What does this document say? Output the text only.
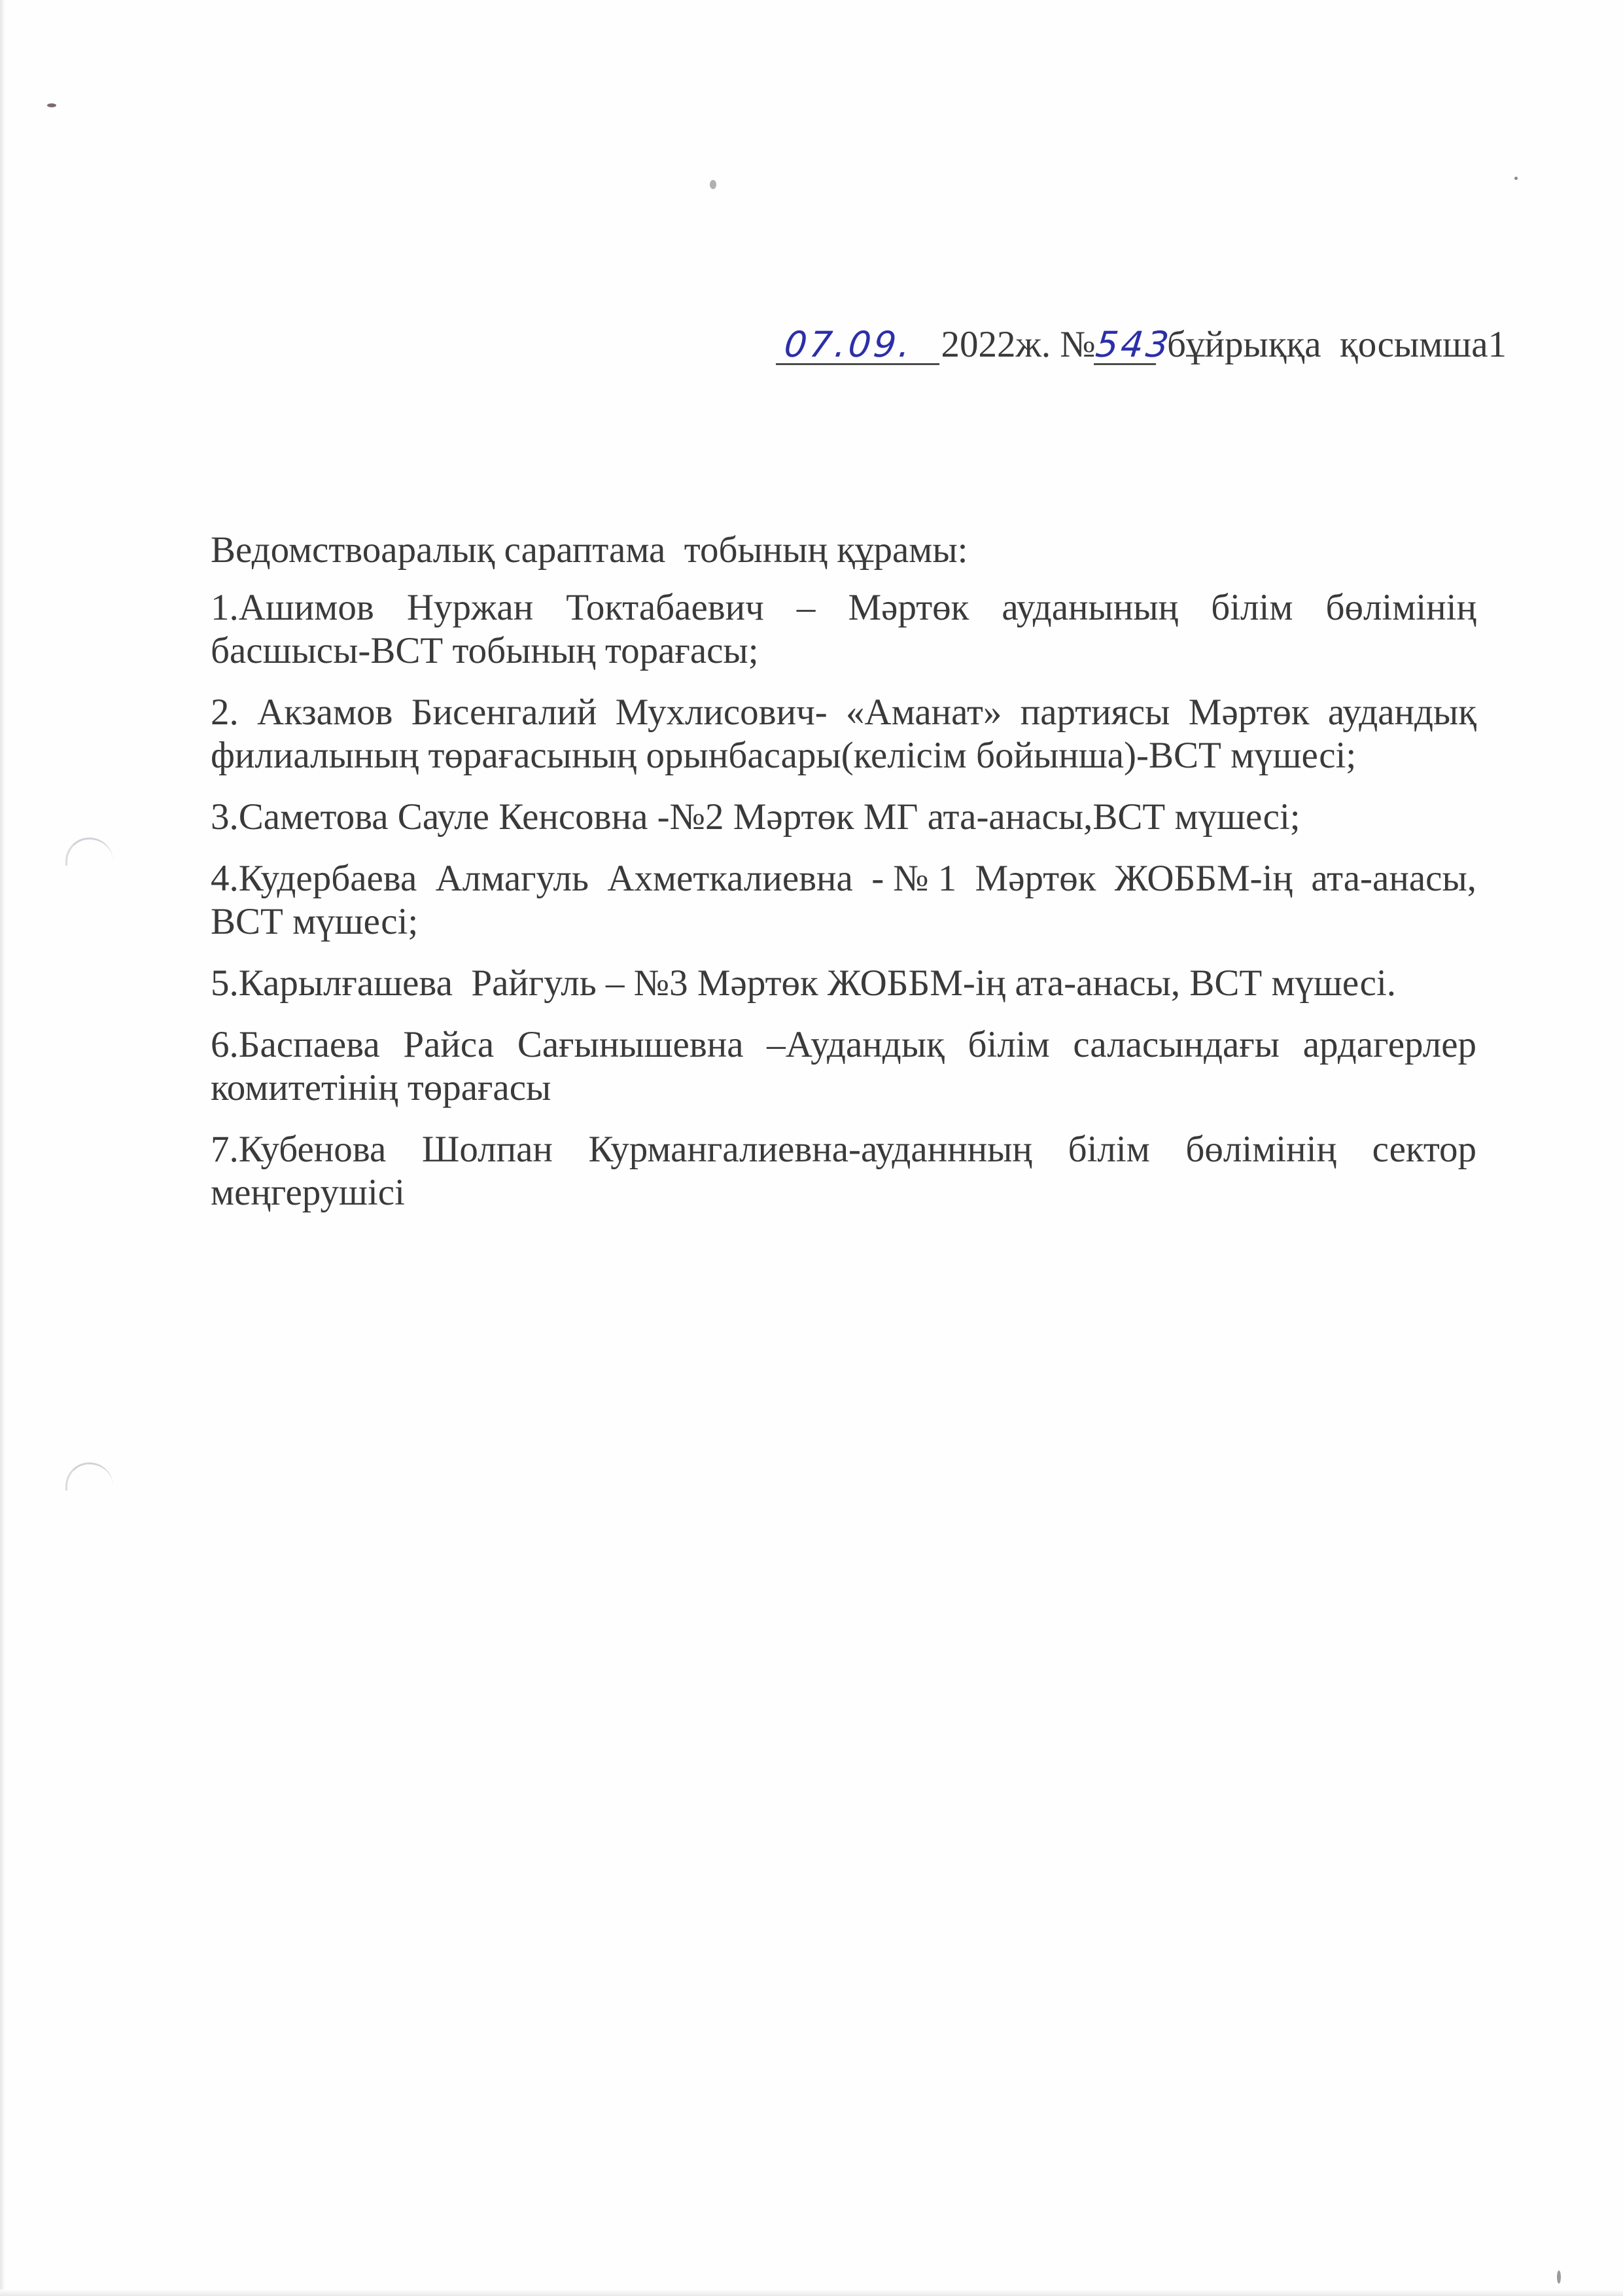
07.09. 2022ж. №543 бұйрыққа  қосымша1

Ведомствоаралық сараптама  тобының құрамы:

1.Ашимов Нуржан Токтабаевич – Мәртөк ауданының білім бөлімінің басшысы-ВСТ тобының торағасы;

2. Акзамов Бисенгалий Мухлисович- «Аманат» партиясы Мәртөк аудандық филиалының төрағасының орынбасары(келісім бойынша)-ВСТ мүшесі;

3.Саметова Сауле Кенсовна -№2 Мәртөк МГ ата-анасы,ВСТ мүшесі;

4.Кудербаева Алмагуль Ахметкалиевна -№1 Мәртөк ЖОББМ-ің ата-анасы, ВСТ мүшесі;

5.Карылғашева  Райгуль – №3 Мәртөк ЖОББМ-ің ата-анасы, ВСТ мүшесі.

6.Баспаева Райса Сағынышевна –Аудандық білім саласындағы ардагерлер комитетінің төрағасы

7.Кубенова Шолпан Курмангалиевна-ауданнның білім бөлімінің сектор меңгерушісі
